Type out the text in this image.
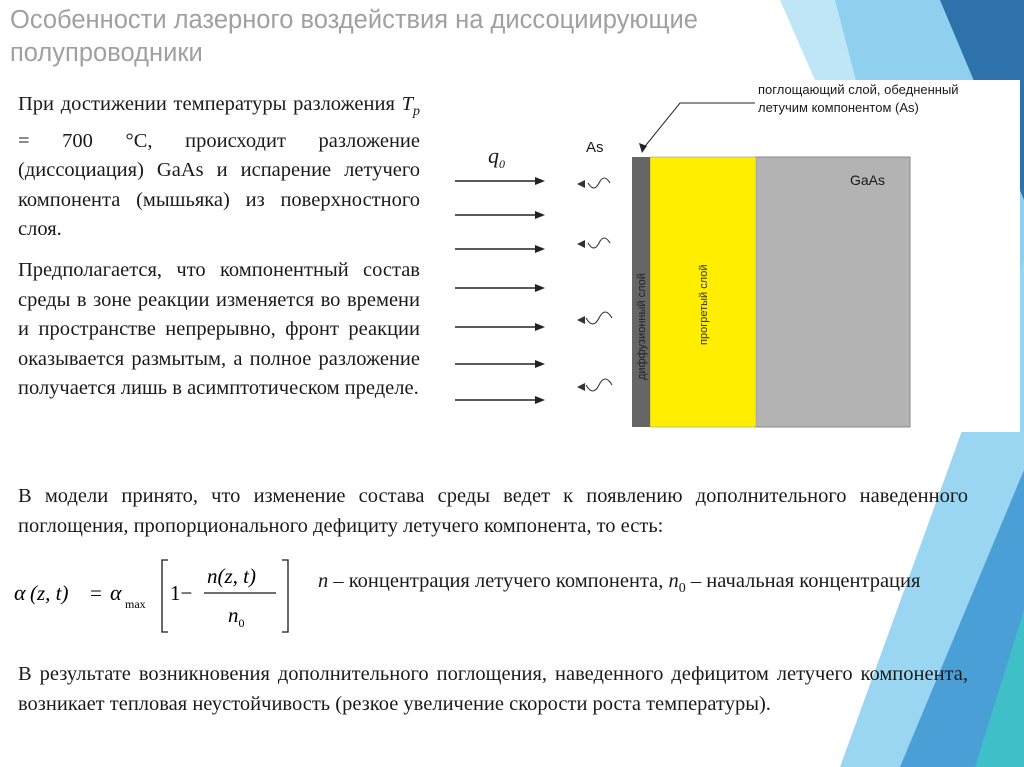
Особенности лазерного воздействия на диссоциирующие полупроводники
При достижении температуры разложения $T_p = 700$ °С, происходит разложение (диссоциация) GaAs и испарение летучего компонента (мышьяка) из поверхностного слоя.

Предполагается, что компонентный состав среды в зоне реакции изменяется во времени и пространстве непрерывно, фронт реакции оказывается размытым, а полное разложение получается лишь в асимптотическом пределе.

GaAs
прогретый слой
диффузионный слой
поглощающий слой, обедненный
летучим компонентом (As)
As
$q_0$

В модели принято, что изменение состава среды ведет к появлению дополнительного наведенного поглощения, пропорционального дефициту летучего компонента, то есть:

α (z, t) = α max 1−
n(z, t)
$n_0$

n – концентрация летучего компонента, $n_0$ – начальная концентрация

В результате возникновения дополнительного поглощения, наведенного дефицитом летучего компонента, возникает тепловая неустойчивость (резкое увеличение скорости роста температуры).
